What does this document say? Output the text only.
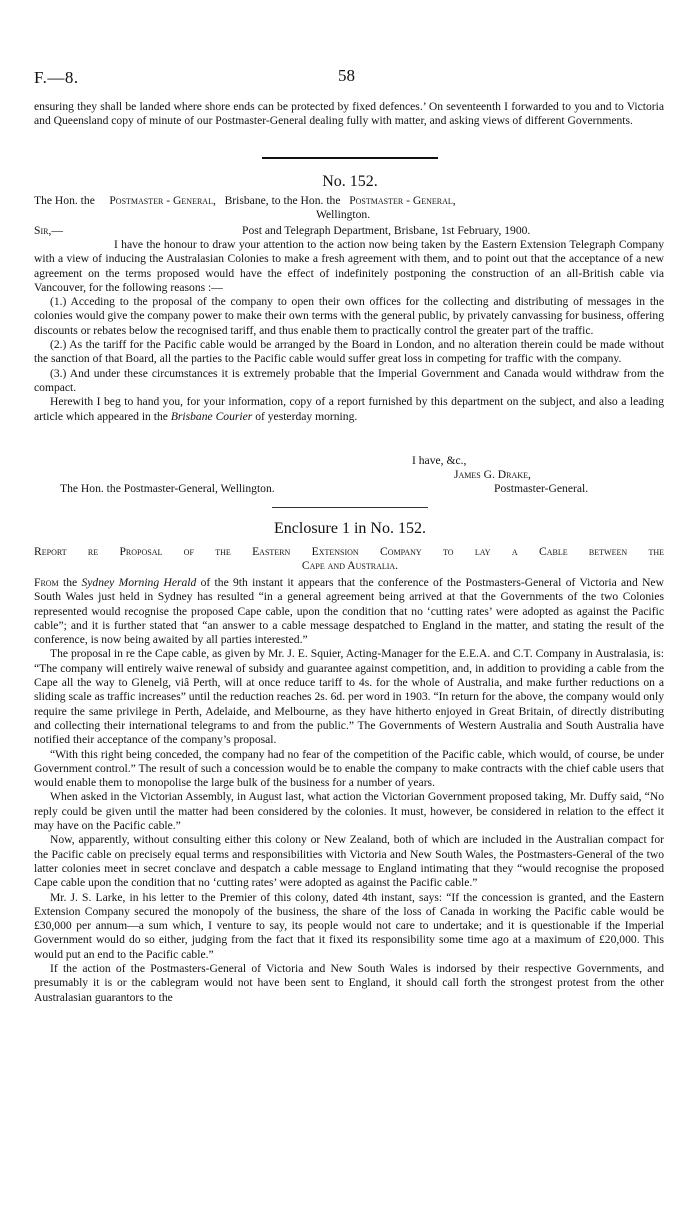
F.—8.	58

ensuring they shall be landed where shore ends can be protected by fixed defences.’ On seventeenth I forwarded to you and to Victoria and Queensland copy of minute of our Postmaster-General dealing fully with matter, and asking views of different Governments.

No. 152.
The Hon. the Postmaster - General, Brisbane, to the Hon. the Postmaster - General,
Wellington.
Sir,—	Post and Telegraph Department, Brisbane, 1st February, 1900.

I have the honour to draw your attention to the action now being taken by the Eastern Extension Telegraph Company with a view of inducing the Australasian Colonies to make a fresh agreement with them, and to point out that the acceptance of a new agreement on the terms proposed would have the effect of indefinitely postponing the construction of an all-British cable via Vancouver, for the following reasons :—

(1.) Acceding to the proposal of the company to open their own offices for the collecting and distributing of messages in the colonies would give the company power to make their own terms with the general public, by privately canvassing for business, offering discounts or rebates below the recognised tariff, and thus enable them to practically control the greater part of the traffic.

(2.) As the tariff for the Pacific cable would be arranged by the Board in London, and no alteration therein could be made without the sanction of that Board, all the parties to the Pacific cable would suffer great loss in competing for traffic with the company.

(3.) And under these circumstances it is extremely probable that the Imperial Government and Canada would withdraw from the compact.

Herewith I beg to hand you, for your information, copy of a report furnished by this department on the subject, and also a leading article which appeared in the Brisbane Courier of yesterday morning.

I have, &c.,
James G. Drake,
The Hon. the Postmaster-General, Wellington.	Postmaster-General.
Enclosure 1 in No. 152.
Report re Proposal of the Eastern Extension Company to lay a Cable between the
Cape and Australia.

From the Sydney Morning Herald of the 9th instant it appears that the conference of the Postmasters-General of Victoria and New South Wales just held in Sydney has resulted “in a general agreement being arrived at that the Governments of the two Colonies represented would recognise the proposed Cape cable, upon the condition that no ‘cutting rates’ were adopted as against the Pacific cable”; and it is further stated that “an answer to a cable message despatched to England in the matter, and stating the result of the conference, is now being awaited by all parties interested.”

The proposal in re the Cape cable, as given by Mr. J. E. Squier, Acting-Manager for the E.E.A. and C.T. Company in Australasia, is: “The company will entirely waive renewal of subsidy and guarantee against competition, and, in addition to providing a cable from the Cape all the way to Glenelg, viâ Perth, will at once reduce tariff to 4s. for the whole of Australia, and make further reductions on a sliding scale as traffic increases” until the reduction reaches 2s. 6d. per word in 1903. “In return for the above, the company would only require the same privilege in Perth, Adelaide, and Melbourne, as they have hitherto enjoyed in Great Britain, of directly distributing and collecting their international telegrams to and from the public.” The Governments of Western Australia and South Australia have notified their acceptance of the company’s proposal.

“With this right being conceded, the company had no fear of the competition of the Pacific cable, which would, of course, be under Government control.” The result of such a concession would be to enable the company to make contracts with the chief cable users that would enable them to monopolise the large bulk of the business for a number of years.

When asked in the Victorian Assembly, in August last, what action the Victorian Government proposed taking, Mr. Duffy said, “No reply could be given until the matter had been considered by the colonies. It must, however, be considered in relation to the effect it may have on the Pacific cable.”

Now, apparently, without consulting either this colony or New Zealand, both of which are included in the Australian compact for the Pacific cable on precisely equal terms and responsibilities with Victoria and New South Wales, the Postmasters-General of the two latter colonies meet in secret conclave and despatch a cable message to England intimating that they “would recognise the proposed Cape cable upon the condition that no ‘cutting rates’ were adopted as against the Pacific cable.”

Mr. J. S. Larke, in his letter to the Premier of this colony, dated 4th instant, says: “If the concession is granted, and the Eastern Extension Company secured the monopoly of the business, the share of the loss of Canada in working the Pacific cable would be £30,000 per annum—a sum which, I venture to say, its people would not care to undertake; and it is questionable if the Imperial Government would do so either, judging from the fact that it fixed its responsibility some time ago at a maximum of £20,000. This would put an end to the Pacific cable.”

If the action of the Postmasters-General of Victoria and New South Wales is indorsed by their respective Governments, and presumably it is or the cablegram would not have been sent to England, it should call forth the strongest protest from the other Australasian guarantors to the
